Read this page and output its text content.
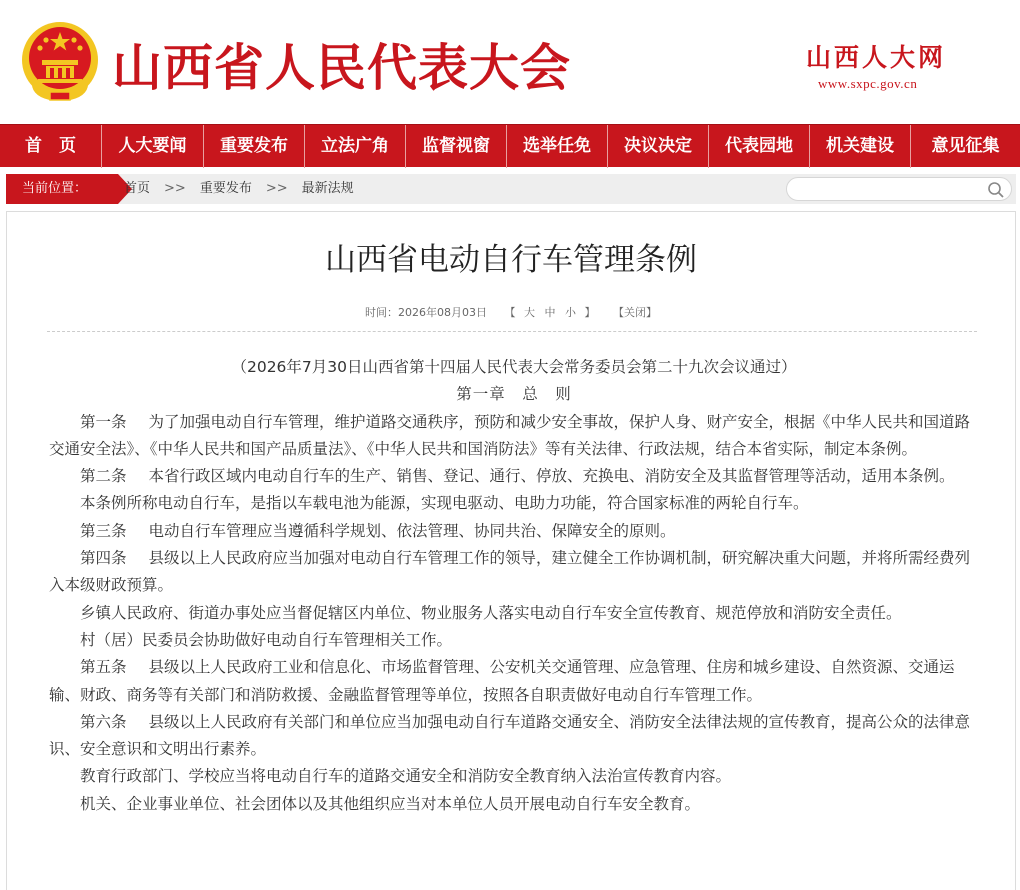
山西省人民代表大会	山西人大网
www.sxpc.gov.cn
首　页	人大要闻	重要发布	立法广角	监督视窗	选举任免	决议决定	代表园地	机关建设	意见征集
当前位置：	首页 >> 重要发布 >> 最新法规
山西省电动自行车管理条例
时间：2026年08月03日 【 大 中 小 】 【关闭】

（2026年7月30日山西省第十四届人民代表大会常务委员会第二十九次会议通过）

第一章　总　则

第一条 为了加强电动自行车管理，维护道路交通秩序，预防和减少安全事故，保护人身、财产安全，根据《中华人民共和国道路交通安全法》、《中华人民共和国产品质量法》、《中华人民共和国消防法》等有关法律、行政法规，结合本省实际，制定本条例。

第二条 本省行政区域内电动自行车的生产、销售、登记、通行、停放、充换电、消防安全及其监督管理等活动，适用本条例。

本条例所称电动自行车，是指以车载电池为能源，实现电驱动、电助力功能，符合国家标准的两轮自行车。

第三条 电动自行车管理应当遵循科学规划、依法管理、协同共治、保障安全的原则。

第四条 县级以上人民政府应当加强对电动自行车管理工作的领导，建立健全工作协调机制，研究解决重大问题，并将所需经费列入本级财政预算。

乡镇人民政府、街道办事处应当督促辖区内单位、物业服务人落实电动自行车安全宣传教育、规范停放和消防安全责任。

村（居）民委员会协助做好电动自行车管理相关工作。

第五条 县级以上人民政府工业和信息化、市场监督管理、公安机关交通管理、应急管理、住房和城乡建设、自然资源、交通运输、财政、商务等有关部门和消防救援、金融监督管理等单位，按照各自职责做好电动自行车管理工作。

第六条 县级以上人民政府有关部门和单位应当加强电动自行车道路交通安全、消防安全法律法规的宣传教育，提高公众的法律意识、安全意识和文明出行素养。

教育行政部门、学校应当将电动自行车的道路交通安全和消防安全教育纳入法治宣传教育内容。

机关、企业事业单位、社会团体以及其他组织应当对本单位人员开展电动自行车安全教育。
